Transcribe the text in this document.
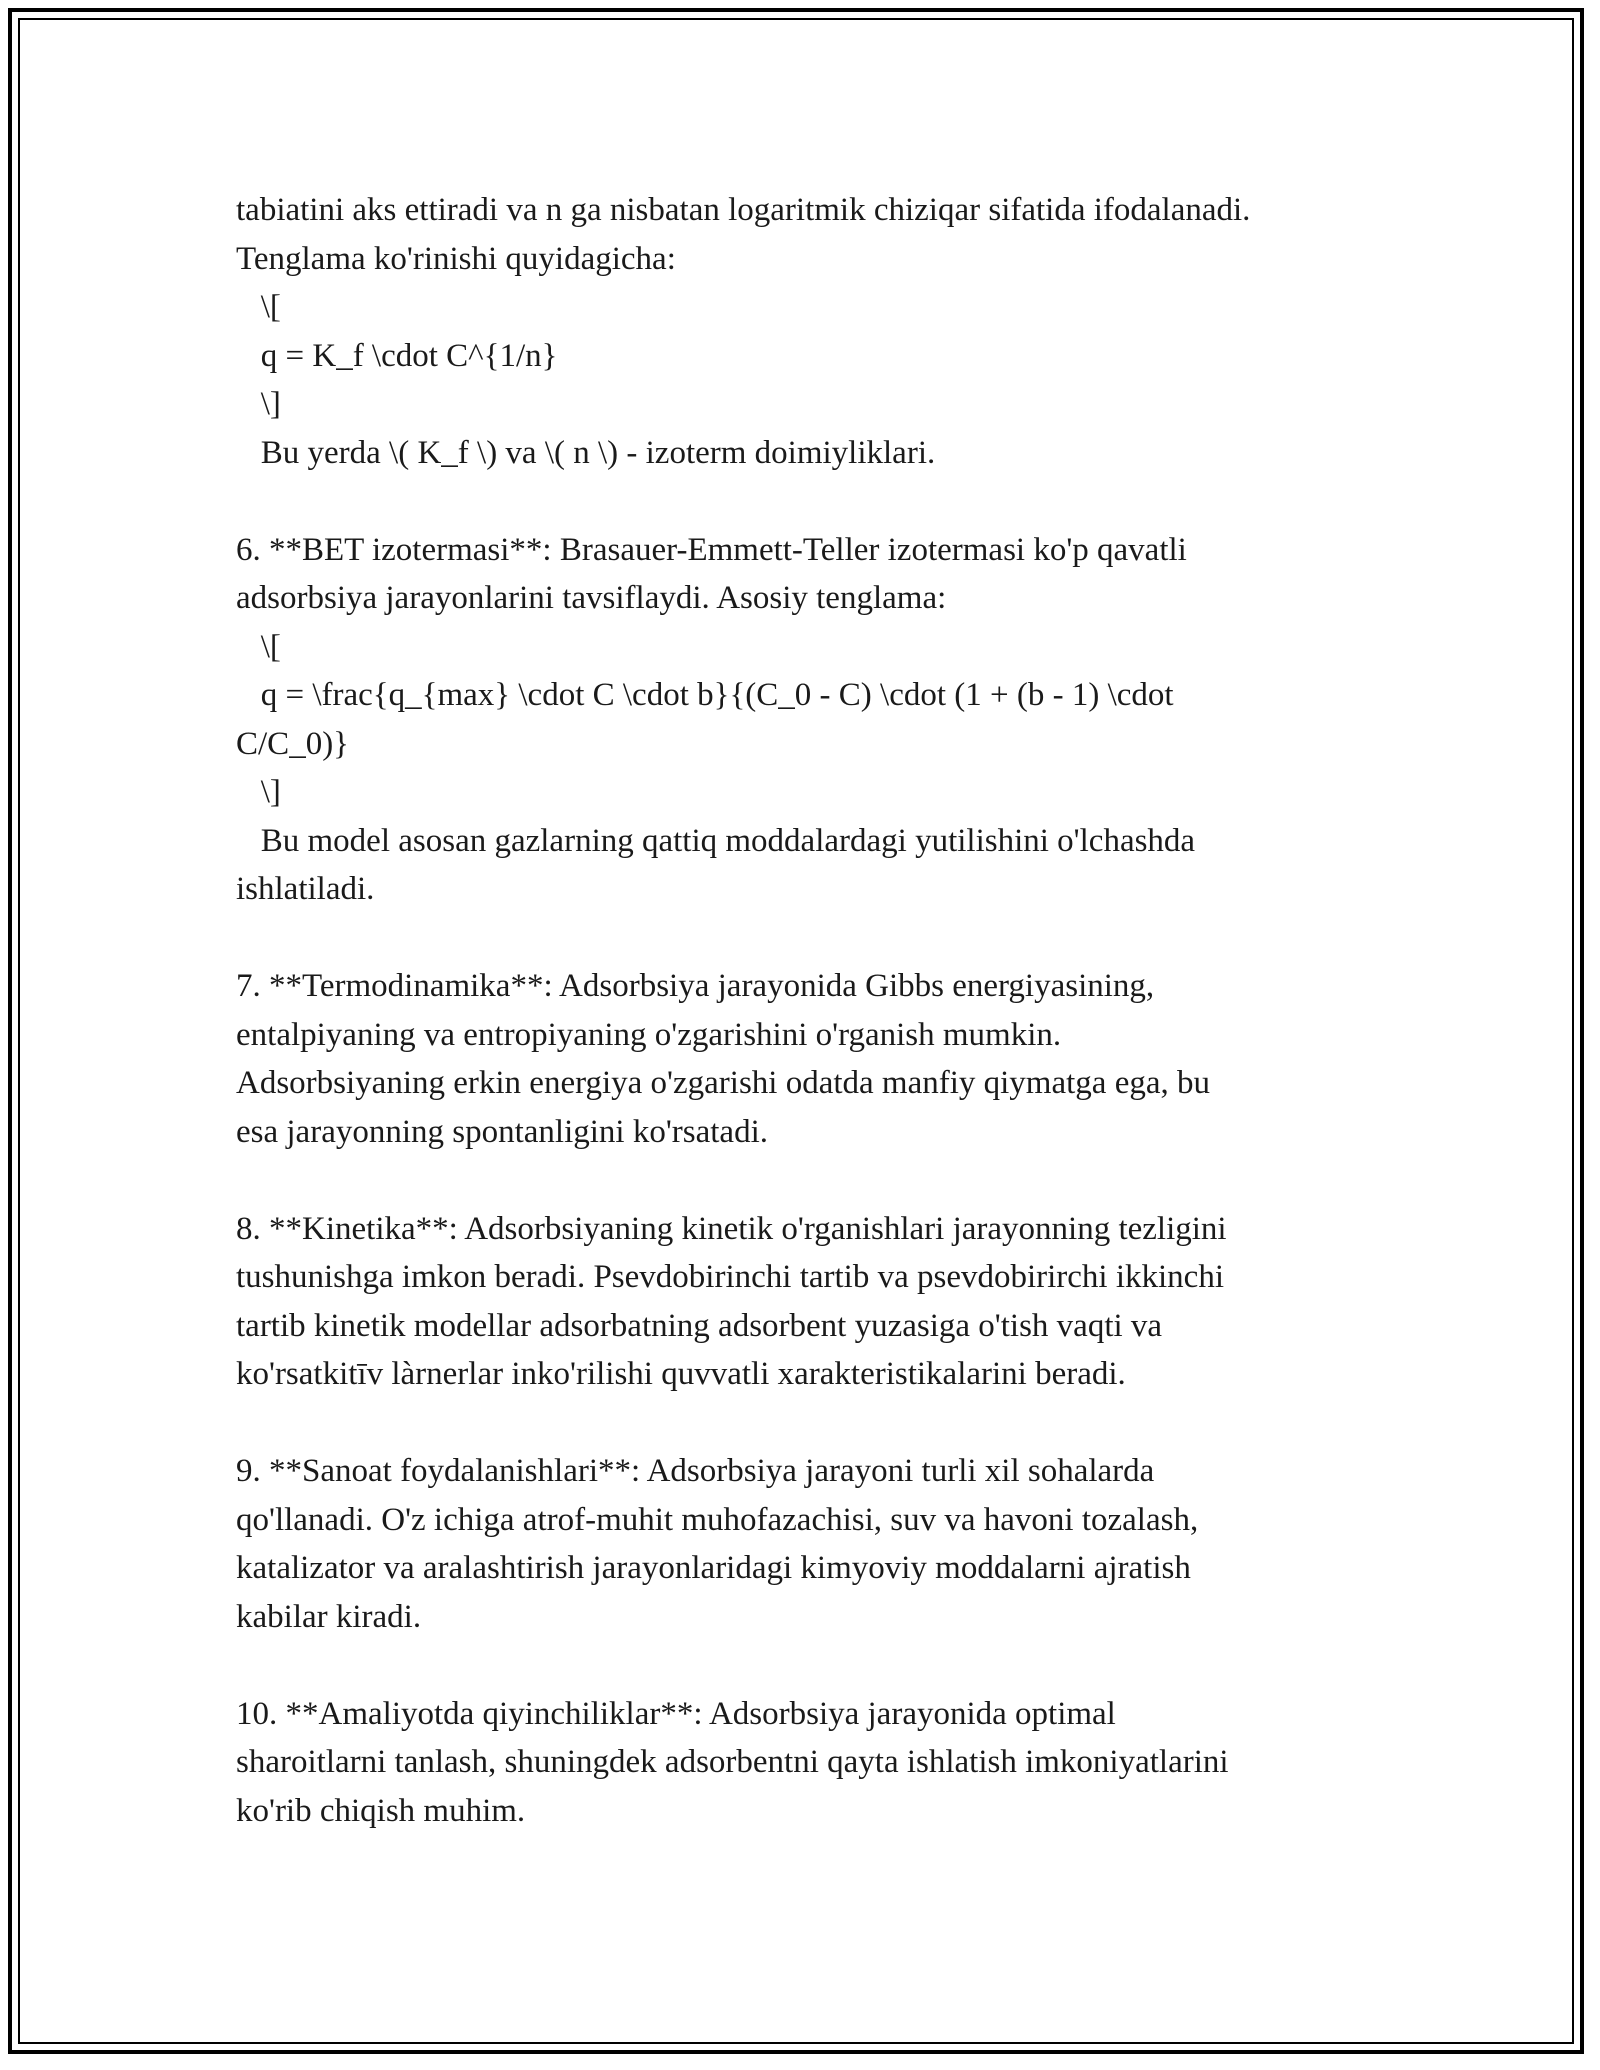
tabiatini aks ettiradi va n ga nisbatan logaritmik chiziqar sifatida ifodalanadi.
Tenglama ko'rinishi quyidagicha:
\[
q = K_f \cdot C^{1/n}
\]
Bu yerda \( K_f \) va \( n \) - izoterm doimiyliklari.
6. **BET izotermasi**: Brasauer-Emmett-Teller izotermasi ko'p qavatli
adsorbsiya jarayonlarini tavsiflaydi. Asosiy tenglama:
\[
q = \frac{q_{max} \cdot C \cdot b}{(C_0 - C) \cdot (1 + (b - 1) \cdot
C/C_0)}
\]
Bu model asosan gazlarning qattiq moddalardagi yutilishini o'lchashda
ishlatiladi.
7. **Termodinamika**: Adsorbsiya jarayonida Gibbs energiyasining,
entalpiyaning va entropiyaning o'zgarishini o'rganish mumkin.
Adsorbsiyaning erkin energiya o'zgarishi odatda manfiy qiymatga ega, bu
esa jarayonning spontanligini ko'rsatadi.
8. **Kinetika**: Adsorbsiyaning kinetik o'rganishlari jarayonning tezligini
tushunishga imkon beradi. Psevdobirinchi tartib va psevdobirirchi ikkinchi
tartib kinetik modellar adsorbatning adsorbent yuzasiga o'tish vaqti va
ko'rsatkitīv làrnerlar inko'rilishi quvvatli xarakteristikalarini beradi.
9. **Sanoat foydalanishlari**: Adsorbsiya jarayoni turli xil sohalarda
qo'llanadi. O'z ichiga atrof-muhit muhofazachisi, suv va havoni tozalash,
katalizator va aralashtirish jarayonlaridagi kimyoviy moddalarni ajratish
kabilar kiradi.
10. **Amaliyotda qiyinchiliklar**: Adsorbsiya jarayonida optimal
sharoitlarni tanlash, shuningdek adsorbentni qayta ishlatish imkoniyatlarini
ko'rib chiqish muhim.
